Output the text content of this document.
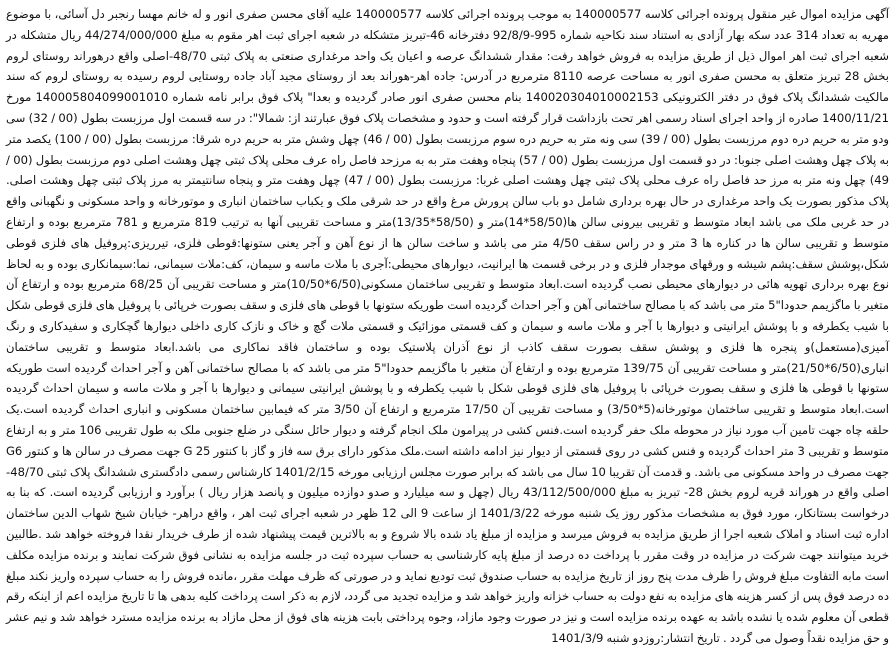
آگهی مزایده اموال غیر منقول پرونده اجرائی کلاسه 140000577 به موجب پرونده اجرائی کلاسه 140000577 علیه آقای محسن صفری انور و له خانم مهسا رنجبر دل آسائی، با موضوع مهریه به تعداد 314 عدد سکه بهار آزادی به استناد سند نکاحیه شماره 995-92/8/9 دفترخانه 46-تبریز متشکله در شعبه اجرای ثبت اهر مقوم به مبلغ 44/274/000/000 ریال متشکله در شعبه اجرای ثبت اهر اموال ذیل از طریق مزایده به فروش خواهد رفت: مقدار ششدانگ عرصه و اعیان یک واحد مرغداری صنعتی به پلاک ثبتی 48/70-اصلی واقع درهوراند روستای لروم بخش 28 تبریز متعلق به محسن صفری انور به مساحت عرصه 8110 مترمربع در آدرس: جاده اهر-هوراند بعد از روستای مجید آباد جاده روستایی لروم رسیده به روستای لروم که سند مالکیت ششدانگ پلاک فوق در دفتر الکترونیکی 140020304010002153 بنام محسن صفری انور صادر گردیده و بعدا" پلاک فوق برابر نامه شماره 140005804099001010 مورخ 1400/11/21 صادره از واحد اجرای اسناد رسمی اهر تحت بازداشت قرار گرفته است و حدود و مشخصات پلاک فوق عبارتند از: شمالا": در سه قسمت اول مرزبست بطول (00 / 32) سی ودو متر به حریم دره دوم مرزبست بطول (00 / 39) سی ونه متر به حریم دره سوم مرزبست بطول (00 / 46) چهل وشش متر به حریم دره شرقا: مرزبست بطول (00 / 100) یکصد متر به پلاک چهل وهشت اصلی جنوبا: در دو قسمت اول مرزبست بطول (00 / 57) پنجاه وهفت متر به به مرزحد فاصل راه عرف محلی پلاک ثبتی چهل وهشت اصلی دوم مرزبست بطول (00 / 49) چهل ونه متر به مرز حد فاصل راه عرف محلی پلاک ثبتی چهل وهشت اصلی غربا: مرزبست بطول (00 / 47) چهل وهفت متر و پنجاه سانتیمتر به مرز پلاک ثبتی چهل وهشت اصلی. پلاک مذکور بصورت یک واحد مرغداری در حال بهره برداری شامل دو باب سالن پرورش مرغ واقع در حد شرقی ملک و یکباب ساختمان انباری و موتورخانه و واحد مسکونی و نگهبانی واقع در حد غربی ملک می باشد ابعاد متوسط و تقریبی بیرونی سالن ها(58/50*14)متر و (58/50*13/35)متر و مساحت تقریبی آنها به ترتیب 819 مترمربع و 781 مترمربع بوده و ارتفاع متوسط و تقریبی سالن ها در کناره ها 3 متر و در راس سقف 4/50 متر می باشد و ساخت سالن ها از نوع آهن و آجر یعنی ستونها:قوطی فلزی، تیرریزی:پروفیل های فلزی قوطی شکل،پوشش سقف:پشم شیشه و ورقهای موجدار فلزی و در برخی قسمت ها ایرانیت، دیوارهای محیطی:آجری با ملات ماسه و سیمان، کف:ملات سیمانی، نما:سیمانکاری بوده و به لحاظ نوع بهره برداری تهویه هائی در دیوارهای محیطی نصب گردیده است.ابعاد متوسط و تقریبی ساختمان مسکونی(6/50*10/50)متر و مساحت تقریبی آن 68/25 مترمربع بوده و ارتفاع آن متغیر با ماگزیمم حدودا"5 متر می باشد که با مصالح ساختمانی آهن و آجر احداث گردیده است طوریکه ستونها با قوطی های فلزی و سقف بصورت خرپائی با پروفیل های فلزی قوطی شکل با شیب یکطرفه و با پوشش ایرانیتی و دیوارها با آجر و ملات ماسه و سیمان و کف قسمتی موزائیک و قسمتی ملات گچ و خاک و نازک کاری داخلی دیوارها گچکاری و سفیدکاری و رنگ آمیزی(مستعمل)و پنجره ها فلزی و پوشش سقف بصورت سقف کاذب از نوع آذران پلاستیک بوده و ساختمان فاقد نماکاری می باشد.ابعاد متوسط و تقریبی ساختمان انباری(6/50*21/50)متر و مساحت تقریبی آن 139/75 مترمربع بوده و ارتفاع آن متغیر با ماگزیمم حدودا"5 متر می باشد که با مصالح ساختمانی آهن و آجر احداث گردیده است طوریکه ستونها با قوطی ها فلزی و سقف بصورت خرپائی با پروفیل های فلزی قوطی شکل با شیب یکطرفه و با پوشش ایرانیتی سیمانی و دیوارها با آجر و ملات ماسه و سیمان احداث گردیده است.ابعاد متوسط و تقریبی ساختمان موتورخانه(5*3/50) و مساحت تقریبی آن 17/50 مترمربع و ارتفاع آن 3/50 متر که فیمابین ساختمان مسکونی و انباری احداث گردیده است.یک حلقه چاه جهت تامین آب مورد نیاز در محوطه ملک حفر گردیده است.فنس کشی در پیرامون ملک انجام گرفته و دیوار حائل سنگی در ضلع جنوبی ملک به طول تقریبی 106 متر و به ارتفاع متوسط و تقریبی 3 متر احداث گردیده و فنس کشی در روی قسمتی از دیوار نیز ادامه داشته است.ملک مذکور دارای برق سه فاز و گاز با کنتور G 25 جهت مصرف در سالن ها و کنتور G6 جهت مصرف در واحد مسکونی می باشد. و قدمت آن تقریبا 10 سال می باشد که برابر صورت مجلس ارزیابی مورخه 1401/2/15 کارشناس رسمی دادگستری ششدانگ پلاک ثبتی 48/70-اصلی واقع در هوراند قریه لروم بخش 28- تبریز به مبلغ 43/112/500/000 ریال (چهل و سه میلیارد و صدو دوازده میلیون و پانصد هزار ریال ) برآورد و ارزیابی گردیده است. که بنا به درخواست بستانکار، مورد فوق به مشخصات مذکور روز یک شنبه مورخه 1401/3/22 از ساعت 9 الی 12 ظهر در شعبه اجرای ثبت اهر ، واقع دراهر- خیابان شیخ شهاب الدین ساختمان اداره ثبت اسناد و املاک شعبه اجرا از طریق مزایده به فروش میرسد و مزایده از مبلغ یاد شده بالا شروع و به بالاترین قیمت پیشنهاد شده از طرف خریدار نقدا فروخته خواهد شد .طالبین خرید میتوانند جهت شرکت در مزایده در وقت مقرر با پرداخت ده درصد از مبلغ پایه کارشناسی به حساب سپرده ثبت در جلسه مزایده به نشانی فوق شرکت نمایند و برنده مزایده مکلف است مابه التفاوت مبلغ فروش را ظرف مدت پنج روز از تاریخ مزایده به حساب صندوق ثبت تودیع نماید و در صورتی که ظرف مهلت مقرر ،مانده فروش را به حساب سپرده واریز نکند مبلغ ده درصد فوق پس از کسر هزینه های مزایده به نفع دولت به حساب خزانه واریز خواهد شد و مزایده تجدید می گردد، لازم به ذکر است پرداخت کلیه بدهی ها تا تاریخ مزایده اعم از اینکه رقم قطعی آن معلوم شده یا نشده باشد به عهده برنده مزایده است و نیز در صورت وجود مازاد، وجوه پرداختی بابت هزینه های فوق از محل مازاد به برنده مزایده مسترد خواهد شد و نیم عشر و حق مزایده نقداً وصول می گردد . تاریخ انتشار:روزدو شنبه 1401/3/9
